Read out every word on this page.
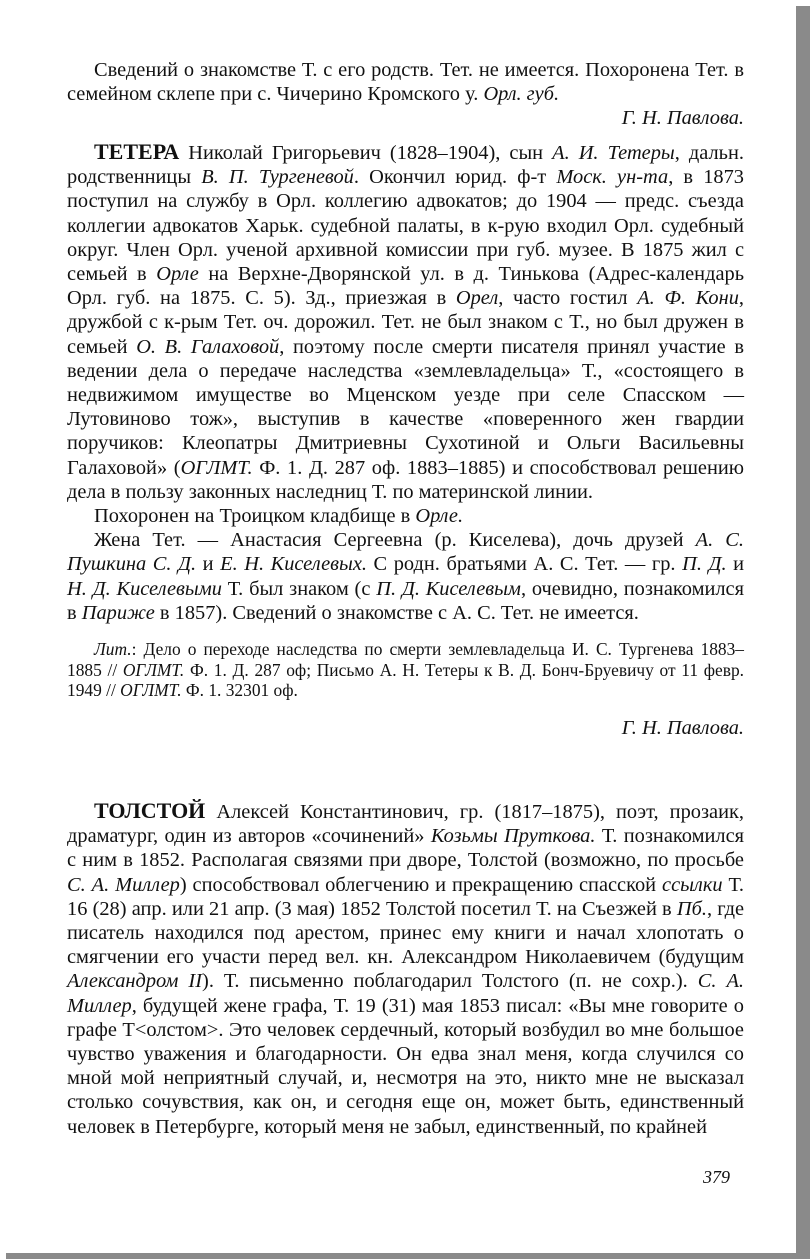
Сведений о знакомстве Т. с его родств. Тет. не имеется. Похоронена Тет. в семейном склепе при с. Чичерино Кромского у. Орл. губ.

Г. Н. Павлова.

ТЕТЕРА Николай Григорьевич (1828–1904), сын А. И. Тетеры, дальн. родственницы В. П. Тургеневой. Окончил юрид. ф-т Моск. ун-та, в 1873 поступил на службу в Орл. коллегию адвокатов; до 1904 — предс. съезда коллегии адвокатов Харьк. судебной палаты, в к-рую входил Орл. судебный округ. Член Орл. ученой архивной комиссии при губ. музее. В 1875 жил с семьей в Орле на Верхне-Дворянской ул. в д. Тинькова (Адрес-календарь Орл. губ. на 1875. С. 5). Зд., приезжая в Орел, часто гостил А. Ф. Кони, дружбой с к-рым Тет. оч. дорожил. Тет. не был знаком с Т., но был дружен в семьей О. В. Галаховой, поэтому после смерти писателя принял участие в ведении дела о передаче наследства «землевладельца» Т., «состоящего в недвижимом имуществе во Мценском уезде при селе Спасском — Лутовиново тож», выступив в качестве «поверенного жен гвардии поручиков: Клеопатры Дмитриевны Сухотиной и Ольги Васильевны Галаховой» (ОГЛМТ. Ф. 1. Д. 287 оф. 1883–1885) и способствовал решению дела в пользу законных наследниц Т. по материнской линии.

Похоронен на Троицком кладбище в Орле.

Жена Тет. — Анастасия Сергеевна (р. Киселева), дочь друзей А. С. Пушкина С. Д. и Е. Н. Киселевых. С родн. братьями А. С. Тет. — гр. П. Д. и Н. Д. Киселевыми Т. был знаком (с П. Д. Киселевым, очевидно, познакомился в Париже в 1857). Сведений о знакомстве с А. С. Тет. не имеется.

Лит.: Дело о переходе наследства по смерти землевладельца И. С. Тургенева 1883–1885 // ОГЛМТ. Ф. 1. Д. 287 оф; Письмо А. Н. Тетеры к В. Д. Бонч-Бруевичу от 11 февр. 1949 // ОГЛМТ. Ф. 1. 32301 оф.

Г. Н. Павлова.

ТОЛСТОЙ Алексей Константинович, гр. (1817–1875), поэт, прозаик, драматург, один из авторов «сочинений» Козьмы Пруткова. Т. познакомился с ним в 1852. Располагая связями при дворе, Толстой (возможно, по просьбе С. А. Миллер) способствовал облегчению и прекращению спасской ссылки Т. 16 (28) апр. или 21 апр. (3 мая) 1852 Толстой посетил Т. на Съезжей в Пб., где писатель находился под арестом, принес ему книги и начал хлопотать о смягчении его участи перед вел. кн. Александром Николаевичем (будущим Александром II). Т. письменно поблагодарил Толстого (п. не сохр.). С. А. Миллер, будущей жене графа, Т. 19 (31) мая 1853 писал: «Вы мне говорите о графе Т<олстом>. Это человек сердечный, который возбудил во мне большое чувство уважения и благодарности. Он едва знал меня, когда случился со мной мой неприятный случай, и, несмотря на это, никто мне не высказал столько сочувствия, как он, и сегодня еще он, может быть, единственный человек в Петербурге, который меня не забыл, единственный, по крайней

379
